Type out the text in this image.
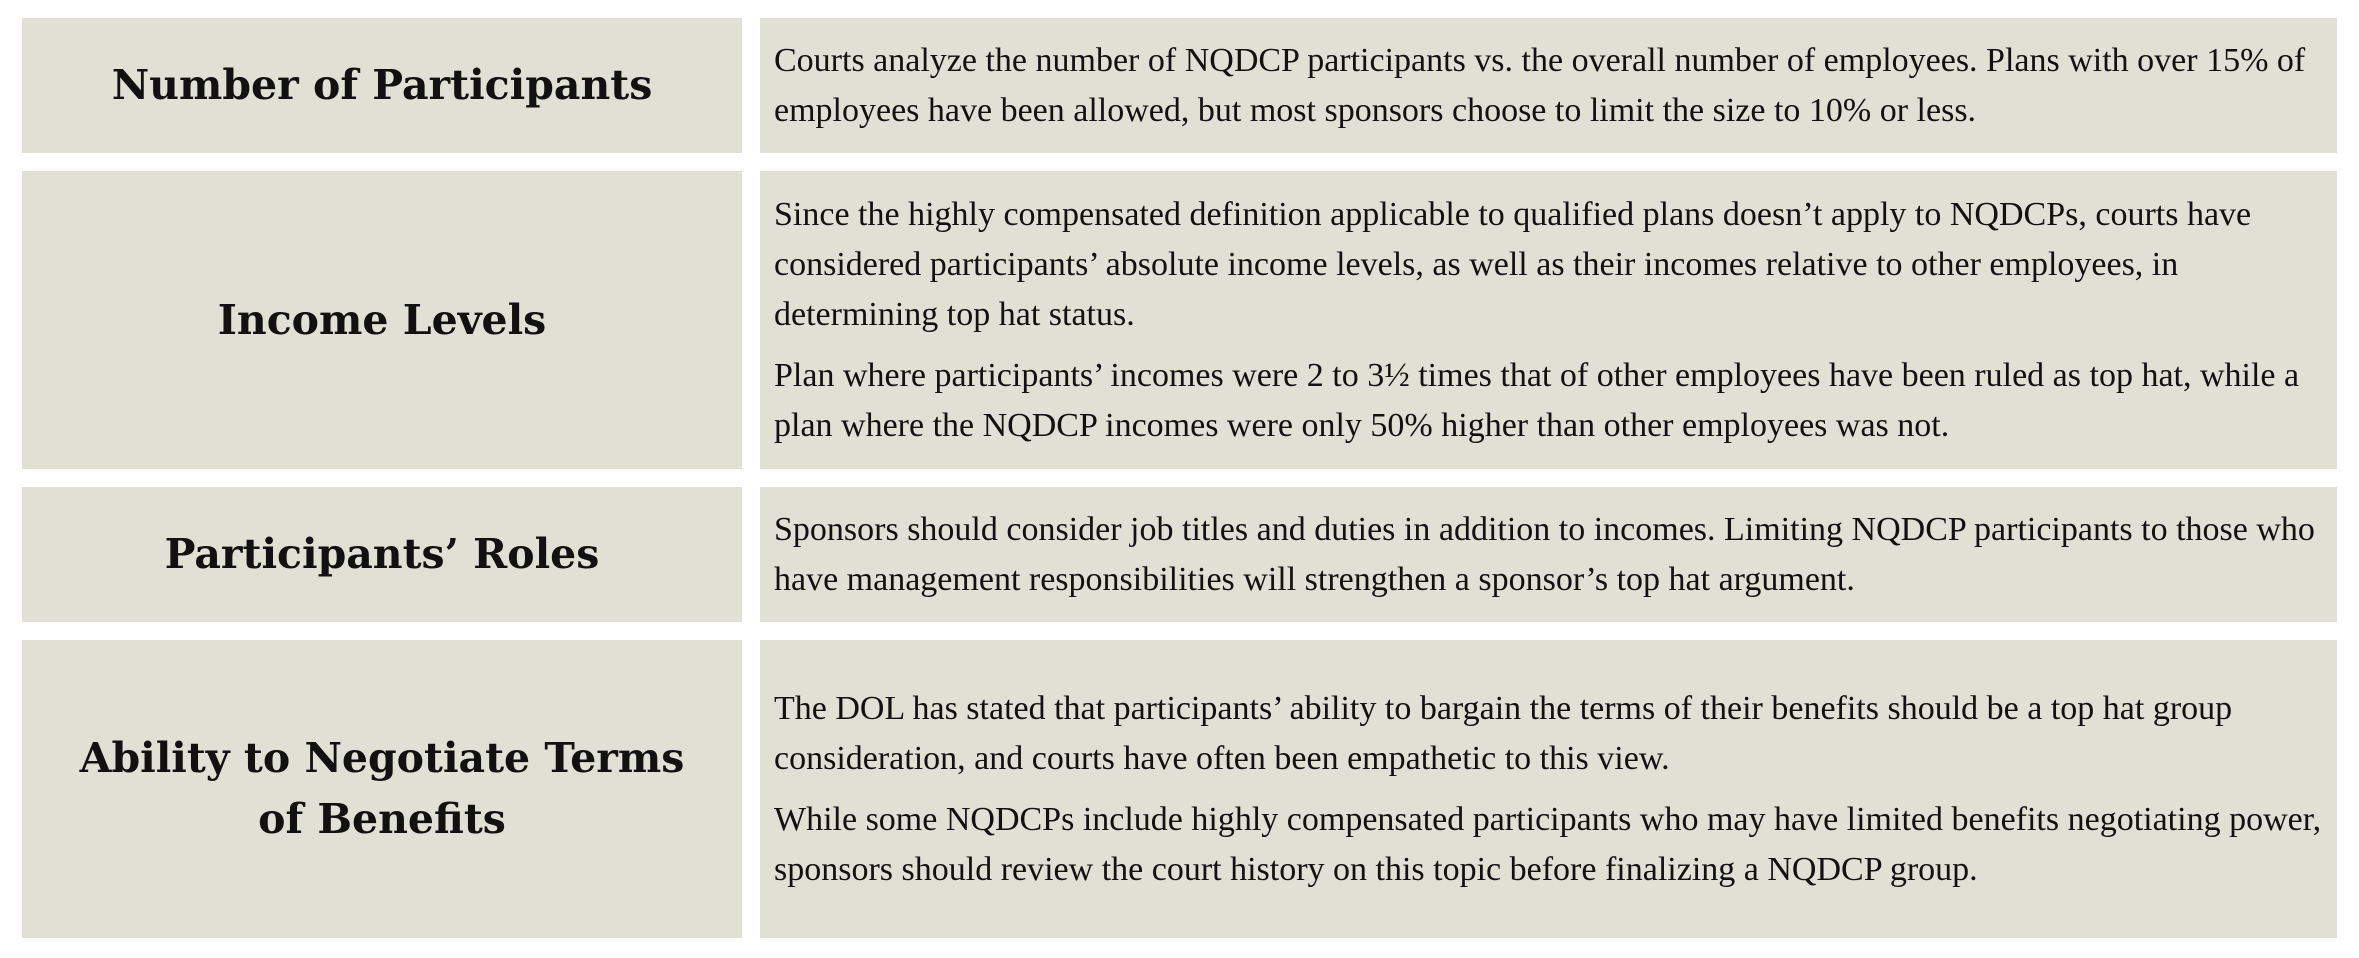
Number of Participants

Courts analyze the number of NQDCP participants vs. the overall number of employees. Plans with over 15% of employees have been allowed, but most sponsors choose to limit the size to 10% or less.

Income Levels

Since the highly compensated definition applicable to qualified plans doesn’t apply to NQDCPs, courts have considered participants’ absolute income levels, as well as their incomes relative to other employees, in determining top hat status.

Plan where participants’ incomes were 2 to 3½ times that of other employees have been ruled as top hat, while a plan where the NQDCP incomes were only 50% higher than other employees was not.

Participants’ Roles

Sponsors should consider job titles and duties in addition to incomes. Limiting NQDCP participants to those who have management responsibilities will strengthen a sponsor’s top hat argument.

Ability to Negotiate Terms of Benefits

The DOL has stated that participants’ ability to bargain the terms of their benefits should be a top hat group consideration, and courts have often been empathetic to this view.

While some NQDCPs include highly compensated participants who may have limited benefits negotiating power, sponsors should review the court history on this topic before finalizing a NQDCP group.
